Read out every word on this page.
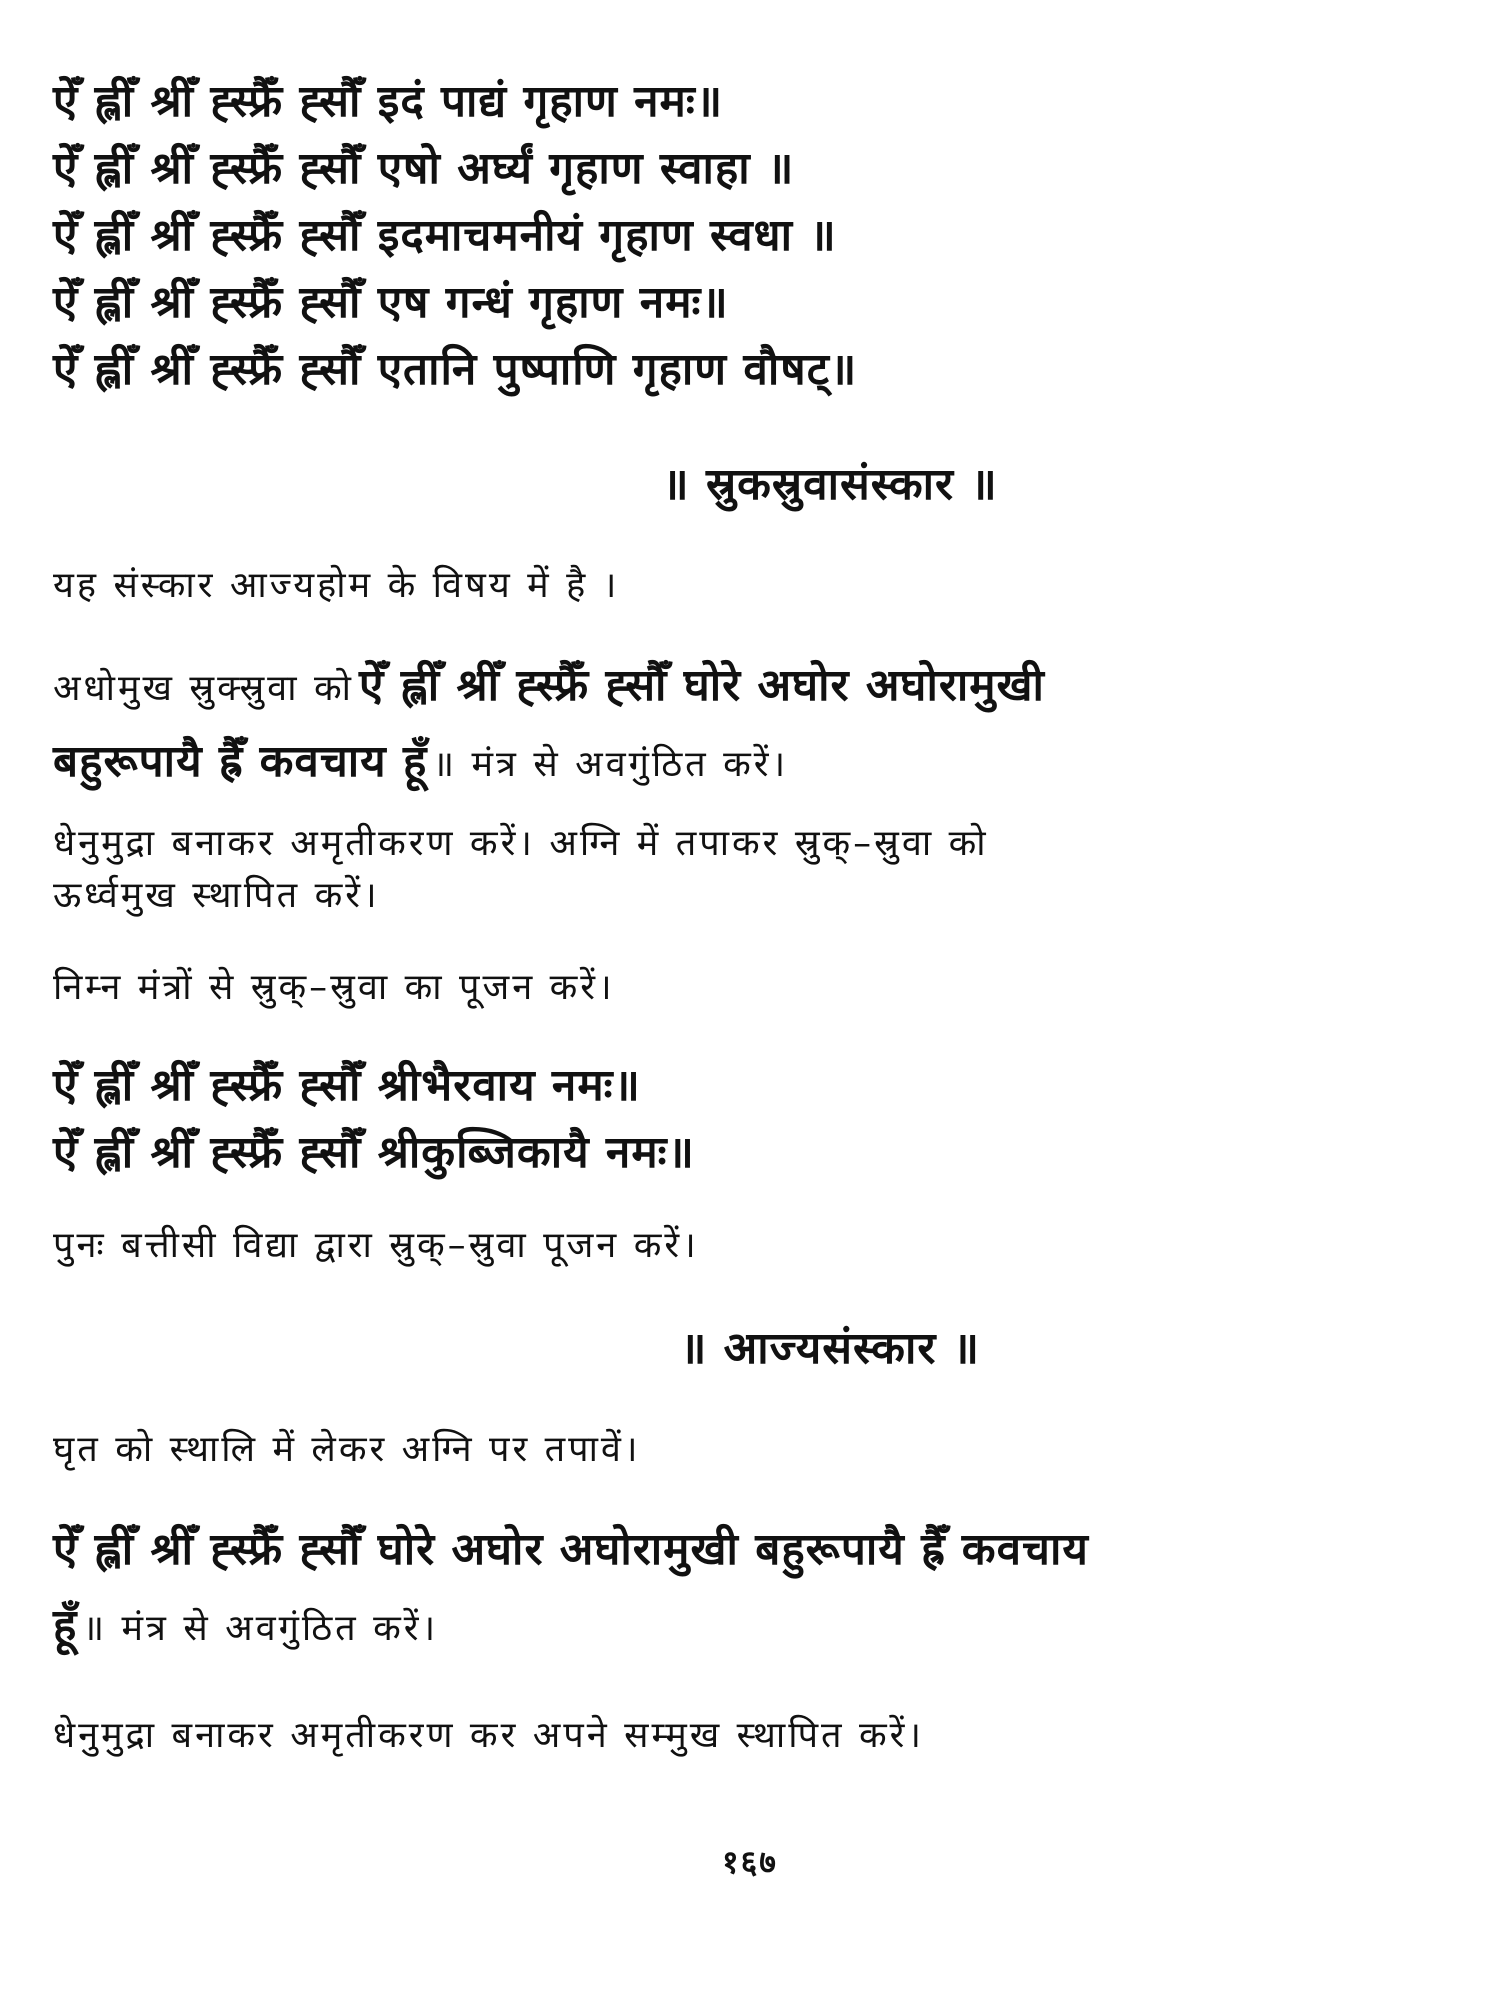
ऐँ ह्लीँ श्रीँ ह्स्फ्रैँ ह्सौँ इदं पाद्यं गृहाण नमः॥
ऐँ ह्लीँ श्रीँ ह्स्फ्रैँ ह्सौँ एषो अर्घ्यं गृहाण स्वाहा ॥
ऐँ ह्लीँ श्रीँ ह्स्फ्रैँ ह्सौँ इदमाचमनीयं गृहाण स्वधा ॥
ऐँ ह्लीँ श्रीँ ह्स्फ्रैँ ह्सौँ एष गन्धं गृहाण नमः॥
ऐँ ह्लीँ श्रीँ ह्स्फ्रैँ ह्सौँ एतानि पुष्पाणि गृहाण वौषट्॥
॥ स्रुकस्रुवासंस्कार ॥
यह संस्कार आज्यहोम के विषय में है ।
अधोमुख स्रुक्स्रुवा को ऐँ ह्लीँ श्रीँ ह्स्फ्रैँ ह्सौँ घोरे अघोर अघोरामुखी
बहुरूपायै ह्रैँ कवचाय हूँ ॥ मंत्र से अवगुंठित करें।
धेनुमुद्रा बनाकर अमृतीकरण करें। अग्नि में तपाकर स्रुक्–स्रुवा को
ऊर्ध्वमुख स्थापित करें।
निम्न मंत्रों से स्रुक्–स्रुवा का पूजन करें।
ऐँ ह्लीँ श्रीँ ह्स्फ्रैँ ह्सौँ श्रीभैरवाय नमः॥
ऐँ ह्लीँ श्रीँ ह्स्फ्रैँ ह्सौँ श्रीकुब्जिकायै नमः॥
पुनः बत्तीसी विद्या द्वारा स्रुक्–स्रुवा पूजन करें।
॥ आज्यसंस्कार ॥
घृत को स्थालि में लेकर अग्नि पर तपावें।
ऐँ ह्लीँ श्रीँ ह्स्फ्रैँ ह्सौँ घोरे अघोर अघोरामुखी बहुरूपायै ह्रैँ कवचाय
हूँ ॥ मंत्र से अवगुंठित करें।
धेनुमुद्रा बनाकर अमृतीकरण कर अपने सम्मुख स्थापित करें।
१६७
